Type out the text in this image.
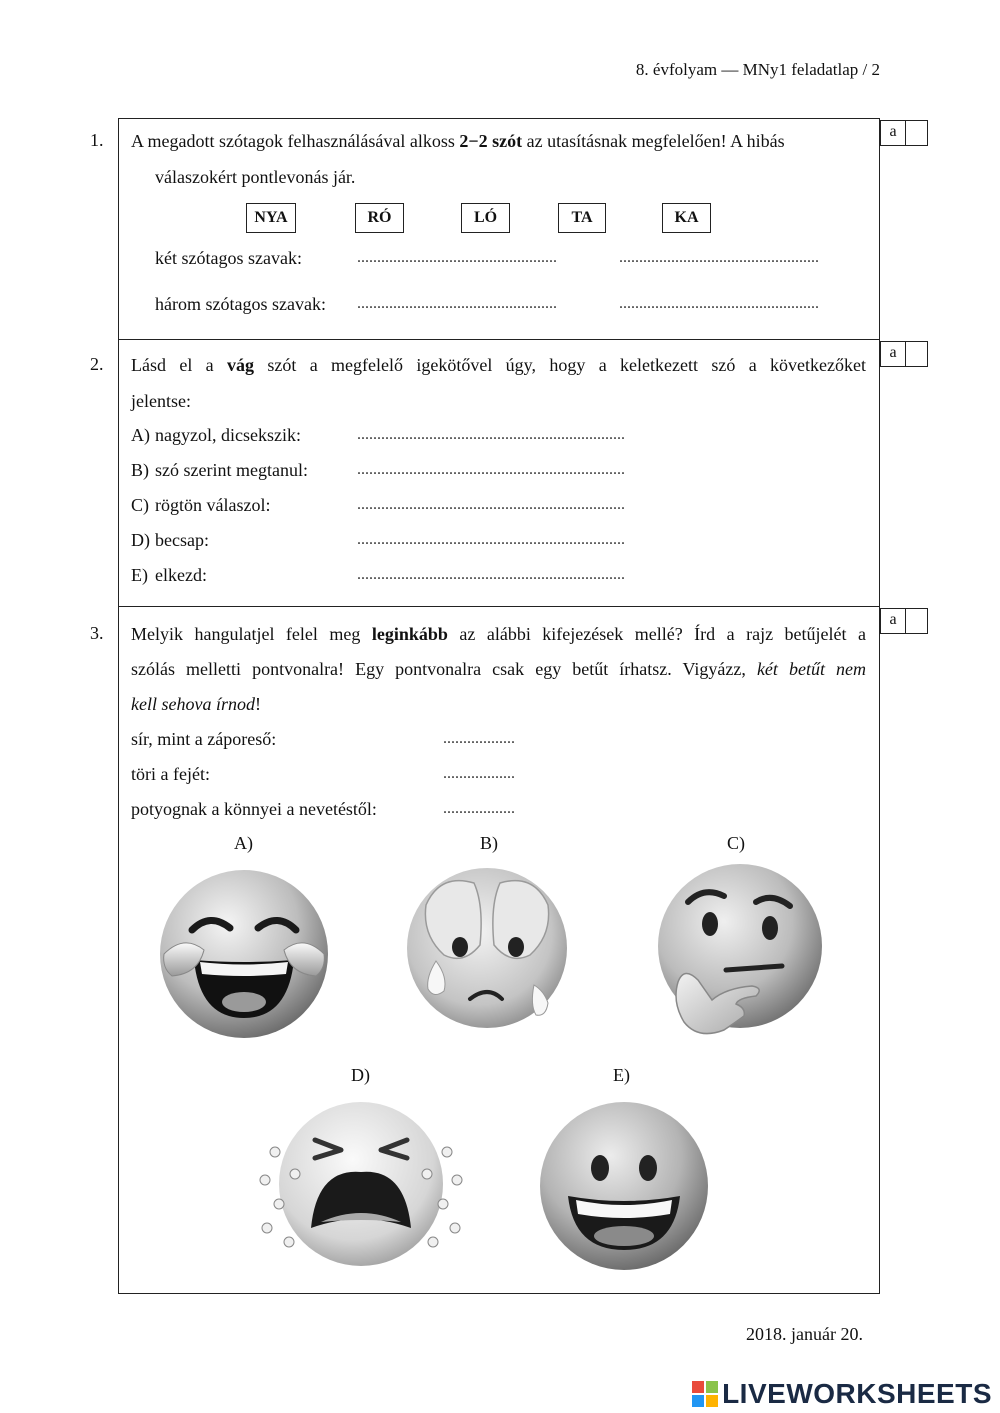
8. évfolyam — MNy1 feladatlap / 2
a
a
a
1. A megadott szótagok felhasználásával alkoss 2−2 szót az utasításnak megfelelően! A hibás
válaszokért pontlevonás jár.
NYA	RÓ	LÓ	TA	KA
két szótagos szavak:	..................................................	..................................................
három szótagos szavak: ..................................................	..................................................
2. Lásd el a vág szót a megfelelő igekötővel úgy, hogy a keletkezett szó a következőket
jelentse:
A) nagyzol, dicsekszik:	...................................................................
B) szó szerint megtanul:	...................................................................
C) rögtön válaszol:	...................................................................
D) becsap:	...................................................................
E) elkezd:	...................................................................
3. Melyik hangulatjel felel meg leginkább az alábbi kifejezések mellé? Írd a rajz betűjelét a
szólás melletti pontvonalra! Egy pontvonalra csak egy betűt írhatsz. Vigyázz, két betűt nem
kell sehova írnod!
sír, mint a záporeső:	..................
töri a fejét:	..................
potyognak a könnyei a nevetéstől:	..................
A)	B)	C)
D)	E)
2018. január 20.
LIVEWORKSHEETS
